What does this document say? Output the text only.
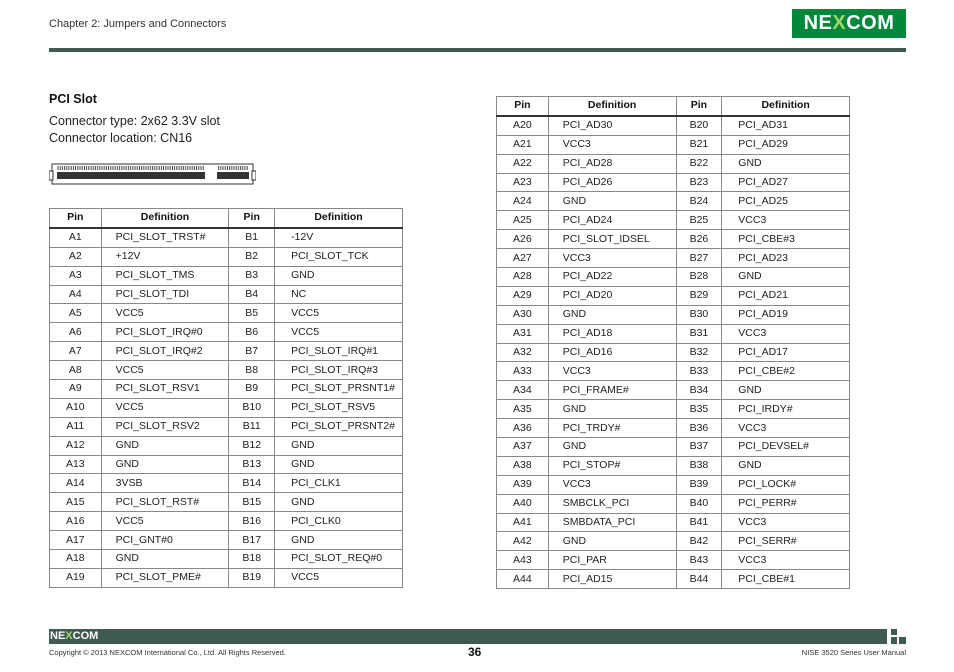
Chapter 2: Jumpers and Connectors	NE X COM
PCI Slot
Connector type: 2x62 3.3V slot
Connector location: CN16
Pin	Definition	Pin	Definition
A1	PCI_SLOT_TRST#	B1	-12V
A2	+12V	B2	PCI_SLOT_TCK
A3	PCI_SLOT_TMS	B3	GND
A4	PCI_SLOT_TDI	B4	NC
A5	VCC5	B5	VCC5
A6	PCI_SLOT_IRQ#0	B6	VCC5
A7	PCI_SLOT_IRQ#2	B7	PCI_SLOT_IRQ#1
A8	VCC5	B8	PCI_SLOT_IRQ#3
A9	PCI_SLOT_RSV1	B9	PCI_SLOT_PRSNT1#
A10	VCC5	B10	PCI_SLOT_RSV5
A11	PCI_SLOT_RSV2	B11	PCI_SLOT_PRSNT2#
A12	GND	B12	GND
A13	GND	B13	GND
A14	3VSB	B14	PCI_CLK1
A15	PCI_SLOT_RST#	B15	GND
A16	VCC5	B16	PCI_CLK0
A17	PCI_GNT#0	B17	GND
A18	GND	B18	PCI_SLOT_REQ#0
A19	PCI_SLOT_PME#	B19	VCC5
Pin	Definition	Pin	Definition
A20	PCI_AD30	B20	PCI_AD31
A21	VCC3	B21	PCI_AD29
A22	PCI_AD28	B22	GND
A23	PCI_AD26	B23	PCI_AD27
A24	GND	B24	PCI_AD25
A25	PCI_AD24	B25	VCC3
A26	PCI_SLOT_IDSEL	B26	PCI_CBE#3
A27	VCC3	B27	PCI_AD23
A28	PCI_AD22	B28	GND
A29	PCI_AD20	B29	PCI_AD21
A30	GND	B30	PCI_AD19
A31	PCI_AD18	B31	VCC3
A32	PCI_AD16	B32	PCI_AD17
A33	VCC3	B33	PCI_CBE#2
A34	PCI_FRAME#	B34	GND
A35	GND	B35	PCI_IRDY#
A36	PCI_TRDY#	B36	VCC3
A37	GND	B37	PCI_DEVSEL#
A38	PCI_STOP#	B38	GND
A39	VCC3	B39	PCI_LOCK#
A40	SMBCLK_PCI	B40	PCI_PERR#
A41	SMBDATA_PCI	B41	VCC3
A42	GND	B42	PCI_SERR#
A43	PCI_PAR	B43	VCC3
A44	PCI_AD15	B44	PCI_CBE#1
NEXCOM
Copyright © 2013 NEXCOM International Co., Ltd. All Rights Reserved.	36	NISE 3520 Series User Manual
